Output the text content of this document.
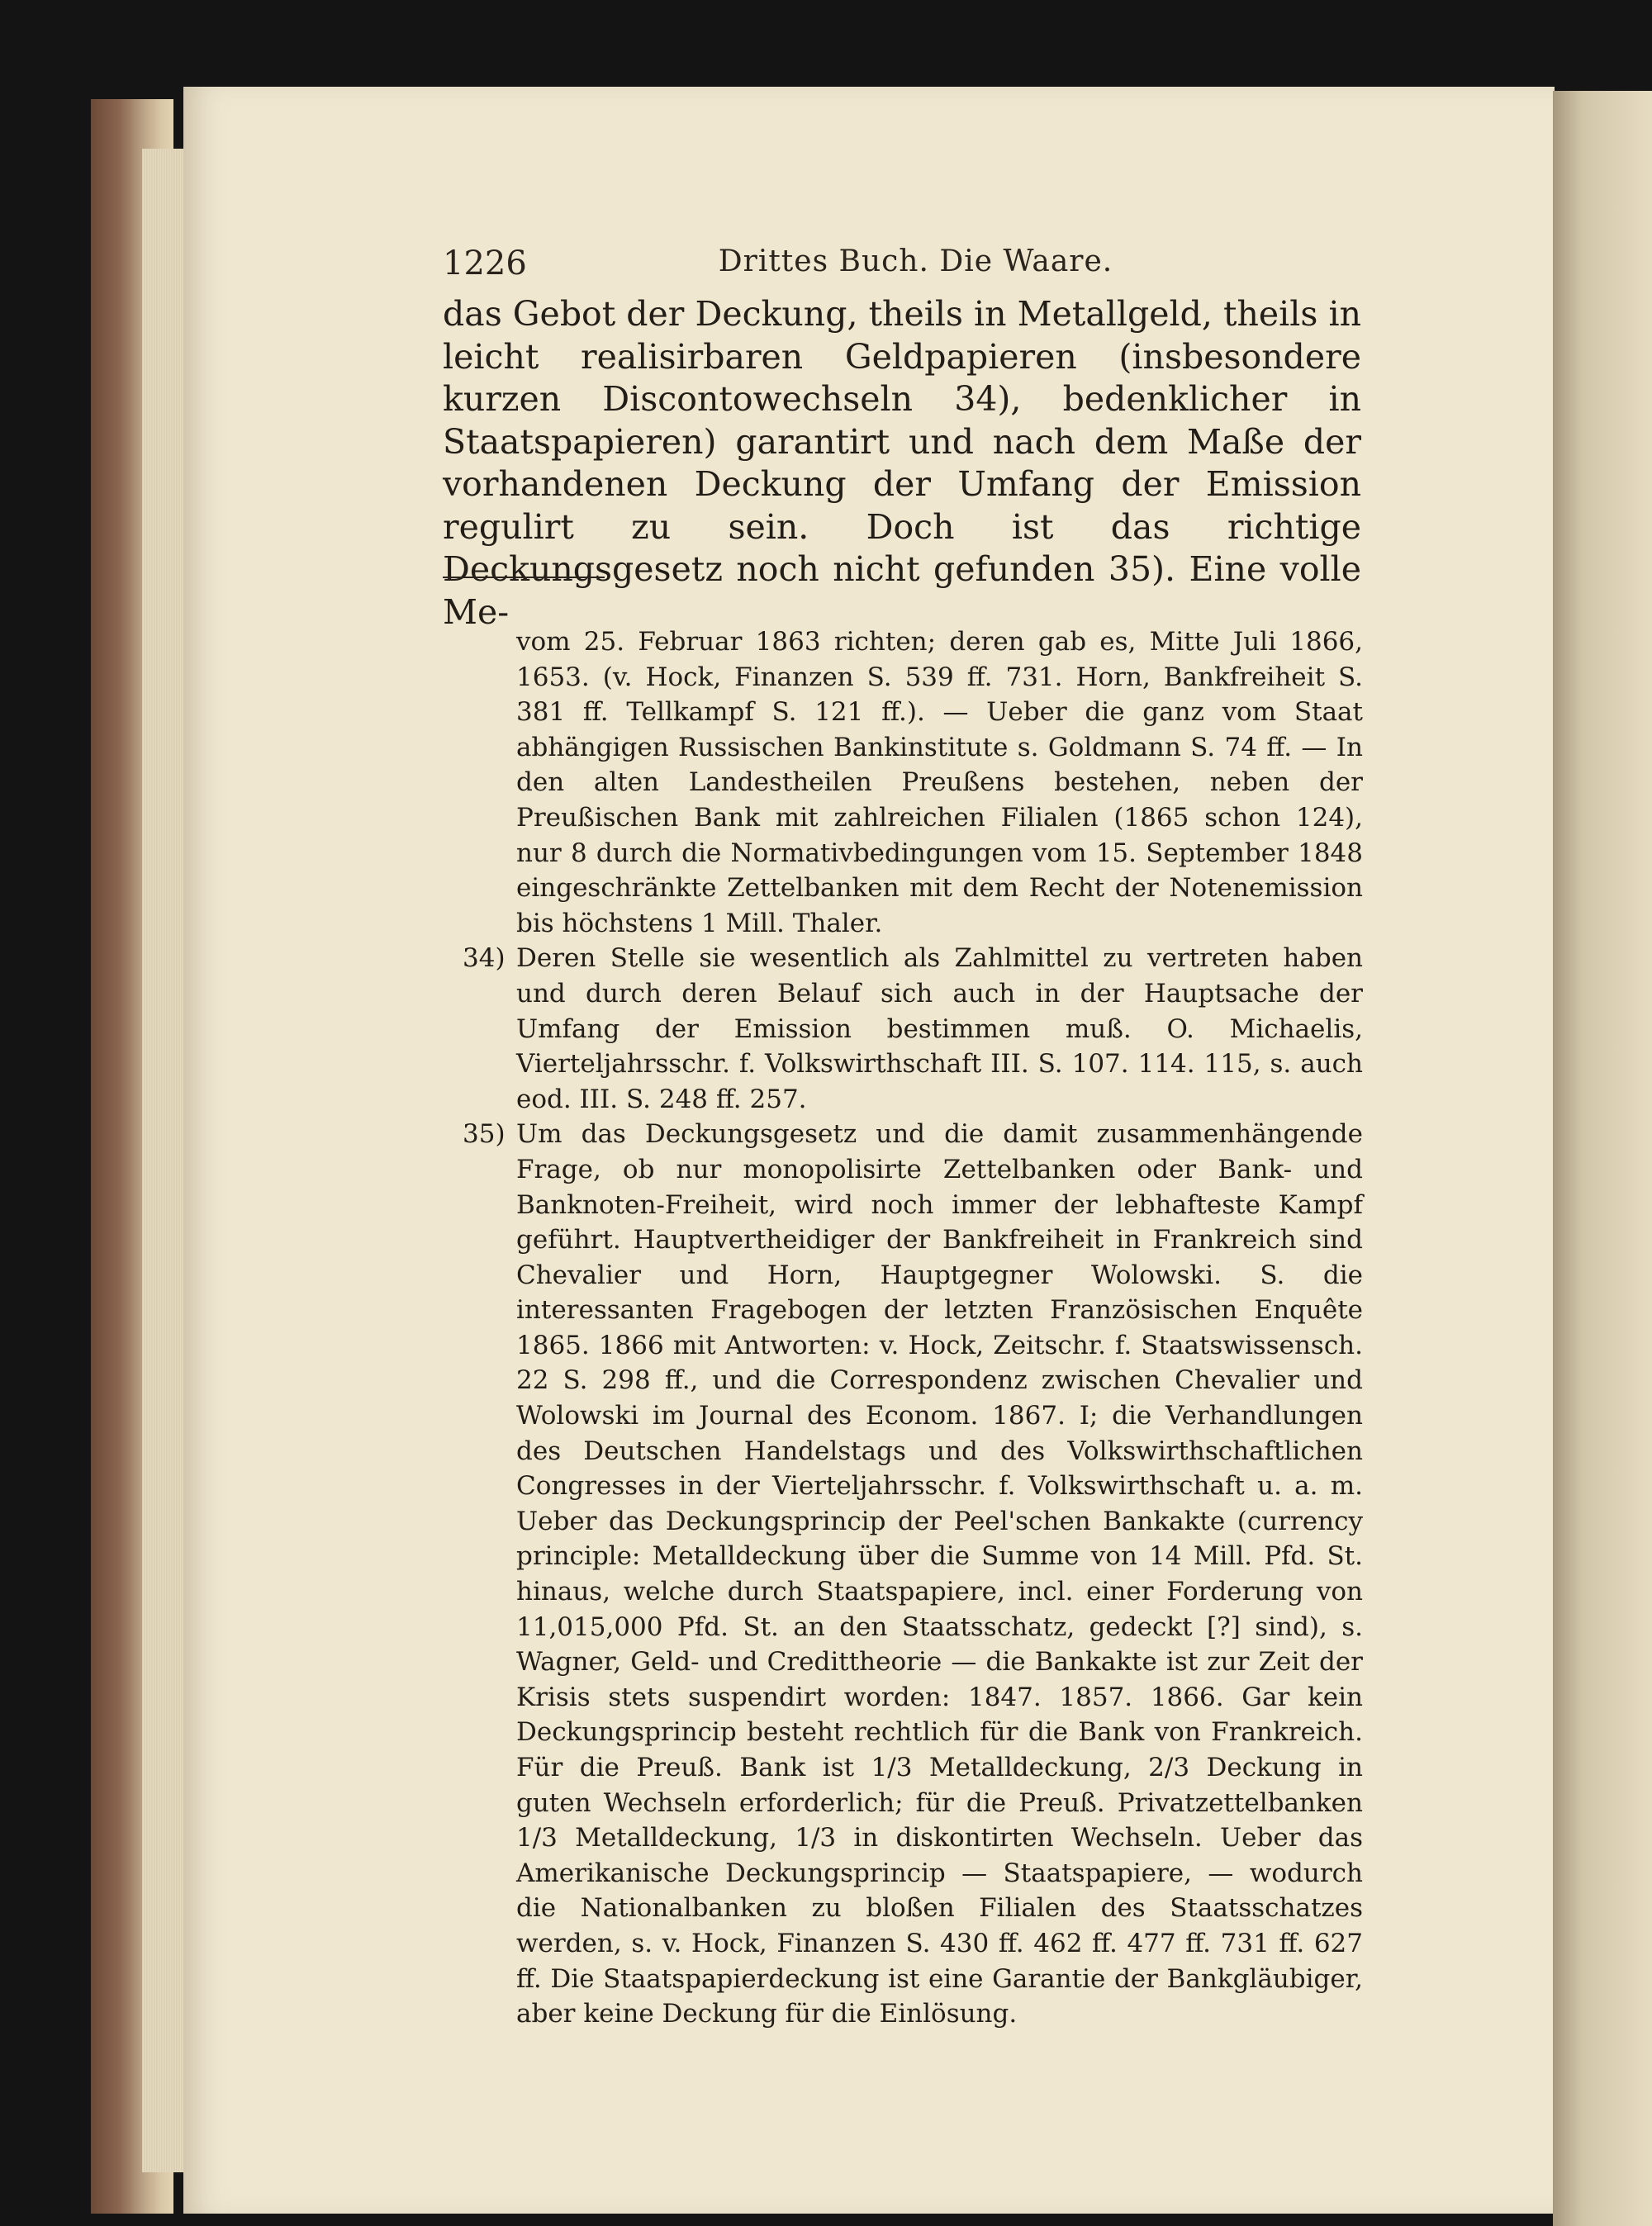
1226	Drittes Buch. Die Waare.

das Gebot der Deckung, theils in Metallgeld, theils in leicht realisirbaren Geldpapieren (insbesondere kurzen Discontowechseln 34), bedenklicher in Staatspapieren) garantirt und nach dem Maße der vorhandenen Deckung der Umfang der Emission regulirt zu sein. Doch ist das richtige Deckungsgesetz noch nicht gefunden 35). Eine volle Me-

vom 25. Februar 1863 richten; deren gab es, Mitte Juli 1866, 1653. (v. Hock, Finanzen S. 539 ff. 731. Horn, Bankfreiheit S. 381 ff. Tellkampf S. 121 ff.). — Ueber die ganz vom Staat abhängigen Russischen Bankinstitute s. Goldmann S. 74 ff. — In den alten Landestheilen Preußens bestehen, neben der Preußischen Bank mit zahlreichen Filialen (1865 schon 124), nur 8 durch die Normativbedingungen vom 15. September 1848 eingeschränkte Zettelbanken mit dem Recht der Notenemission bis höchstens 1 Mill. Thaler.

34) Deren Stelle sie wesentlich als Zahlmittel zu vertreten haben und durch deren Belauf sich auch in der Hauptsache der Umfang der Emission bestimmen muß. O. Michaelis, Vierteljahrsschr. f. Volkswirthschaft III. S. 107. 114. 115, s. auch eod. III. S. 248 ff. 257.
35) Um das Deckungsgesetz und die damit zusammenhängende Frage, ob nur monopolisirte Zettelbanken oder Bank- und Banknoten-Freiheit, wird noch immer der lebhafteste Kampf geführt. Hauptvertheidiger der Bankfreiheit in Frankreich sind Chevalier und Horn, Hauptgegner Wolowski. S. die interessanten Fragebogen der letzten Französischen Enquête 1865. 1866 mit Antworten: v. Hock, Zeitschr. f. Staatswissensch. 22 S. 298 ff., und die Correspondenz zwischen Chevalier und Wolowski im Journal des Econom. 1867. I; die Verhandlungen des Deutschen Handelstags und des Volkswirthschaftlichen Congresses in der Vierteljahrsschr. f. Volkswirthschaft u. a. m. Ueber das Deckungsprincip der Peel'schen Bankakte (currency principle: Metalldeckung über die Summe von 14 Mill. Pfd. St. hinaus, welche durch Staatspapiere, incl. einer Forderung von 11,015,000 Pfd. St. an den Staatsschatz, gedeckt [?] sind), s. Wagner, Geld- und Credittheorie — die Bankakte ist zur Zeit der Krisis stets suspendirt worden: 1847. 1857. 1866. Gar kein Deckungsprincip besteht rechtlich für die Bank von Frankreich. Für die Preuß. Bank ist 1/3 Metalldeckung, 2/3 Deckung in guten Wechseln erforderlich; für die Preuß. Privatzettelbanken 1/3 Metalldeckung, 1/3 in diskontirten Wechseln. Ueber das Amerikanische Deckungsprincip — Staatspapiere, — wodurch die Nationalbanken zu bloßen Filialen des Staatsschatzes werden, s. v. Hock, Finanzen S. 430 ff. 462 ff. 477 ff. 731 ff. 627 ff. Die Staatspapierdeckung ist eine Garantie der Bankgläubiger, aber keine Deckung für die Einlösung.
